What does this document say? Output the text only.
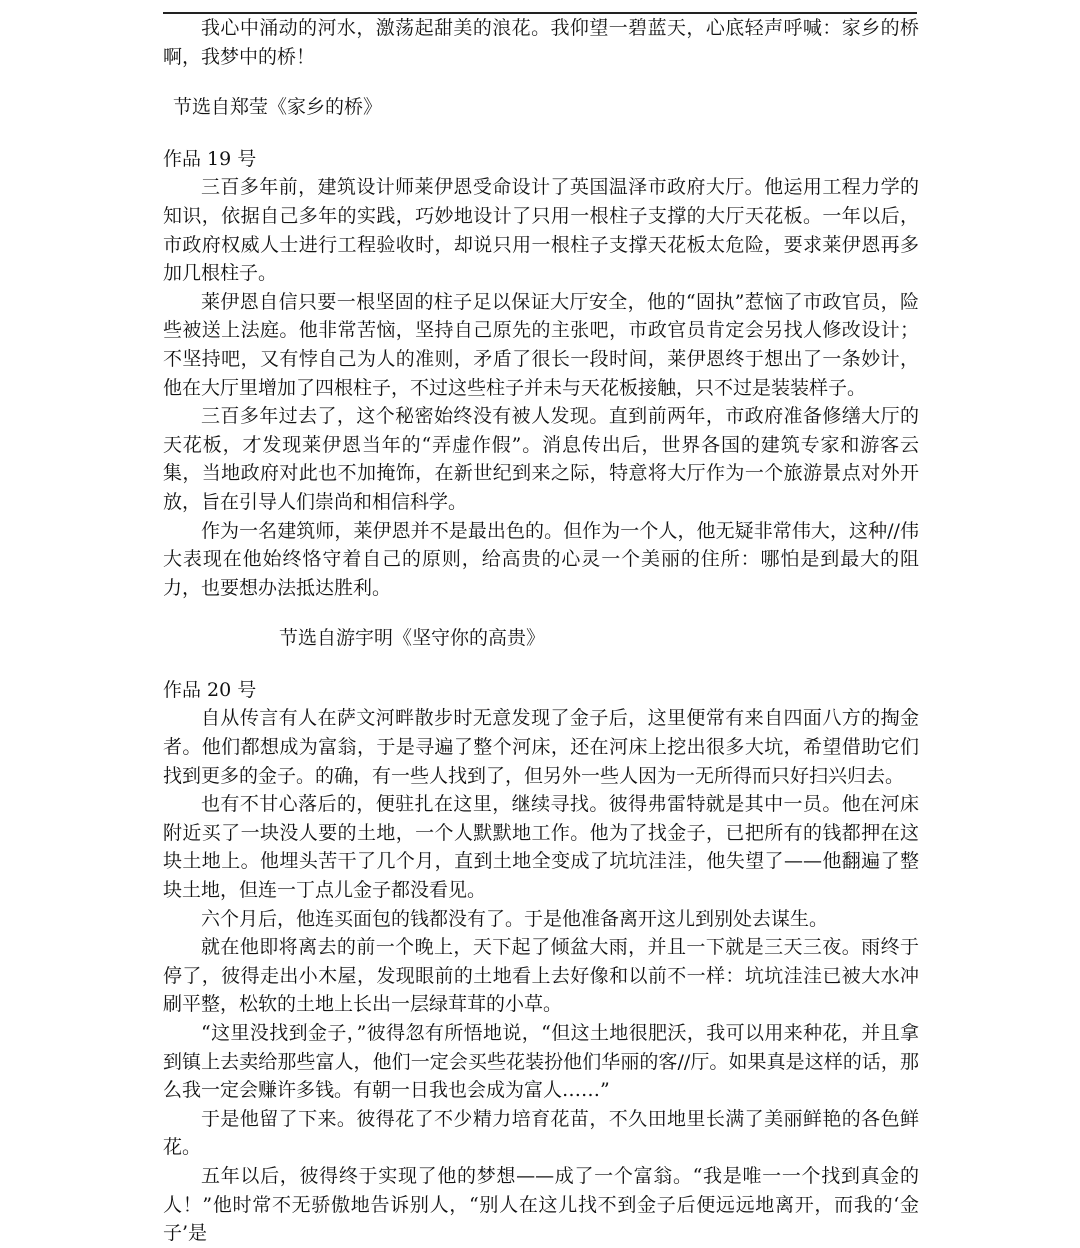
我心中涌动的河水，激荡起甜美的浪花。我仰望一碧蓝天，心底轻声呼喊：家乡的桥啊，我梦中的桥！

节选自郑莹《家乡的桥》

作品 19 号

三百多年前，建筑设计师莱伊恩受命设计了英国温泽市政府大厅。他运用工程力学的知识，依据自己多年的实践，巧妙地设计了只用一根柱子支撑的大厅天花板。一年以后，市政府权威人士进行工程验收时，却说只用一根柱子支撑天花板太危险，要求莱伊恩再多加几根柱子。

莱伊恩自信只要一根坚固的柱子足以保证大厅安全，他的“固执”惹恼了市政官员，险些被送上法庭。他非常苦恼，坚持自己原先的主张吧，市政官员肯定会另找人修改设计；不坚持吧，又有悖自己为人的准则，矛盾了很长一段时间，莱伊恩终于想出了一条妙计，他在大厅里增加了四根柱子，不过这些柱子并未与天花板接触，只不过是装装样子。

三百多年过去了，这个秘密始终没有被人发现。直到前两年，市政府准备修缮大厅的天花板，才发现莱伊恩当年的“弄虚作假”。消息传出后，世界各国的建筑专家和游客云集，当地政府对此也不加掩饰，在新世纪到来之际，特意将大厅作为一个旅游景点对外开放，旨在引导人们崇尚和相信科学。

作为一名建筑师，莱伊恩并不是最出色的。但作为一个人，他无疑非常伟大，这种//伟大表现在他始终恪守着自己的原则，给高贵的心灵一个美丽的住所：哪怕是到最大的阻力，也要想办法抵达胜利。

节选自游宇明《坚守你的高贵》

作品 20 号

自从传言有人在萨文河畔散步时无意发现了金子后，这里便常有来自四面八方的掏金者。他们都想成为富翁，于是寻遍了整个河床，还在河床上挖出很多大坑，希望借助它们找到更多的金子。的确，有一些人找到了，但另外一些人因为一无所得而只好扫兴归去。

也有不甘心落后的，便驻扎在这里，继续寻找。彼得弗雷特就是其中一员。他在河床附近买了一块没人要的土地，一个人默默地工作。他为了找金子，已把所有的钱都押在这块土地上。他埋头苦干了几个月，直到土地全变成了坑坑洼洼，他失望了——他翻遍了整块土地，但连一丁点儿金子都没看见。

六个月后，他连买面包的钱都没有了。于是他准备离开这儿到别处去谋生。

就在他即将离去的前一个晚上，天下起了倾盆大雨，并且一下就是三天三夜。雨终于停了，彼得走出小木屋，发现眼前的土地看上去好像和以前不一样：坑坑洼洼已被大水冲刷平整，松软的土地上长出一层绿茸茸的小草。

“这里没找到金子，”彼得忽有所悟地说，“但这土地很肥沃，我可以用来种花，并且拿到镇上去卖给那些富人，他们一定会买些花装扮他们华丽的客//厅。如果真是这样的话，那么我一定会赚许多钱。有朝一日我也会成为富人……”

于是他留了下来。彼得花了不少精力培育花苗，不久田地里长满了美丽鲜艳的各色鲜花。

五年以后，彼得终于实现了他的梦想——成了一个富翁。“我是唯一一个找到真金的人！”他时常不无骄傲地告诉别人，“别人在这儿找不到金子后便远远地离开，而我的‘金子’是
